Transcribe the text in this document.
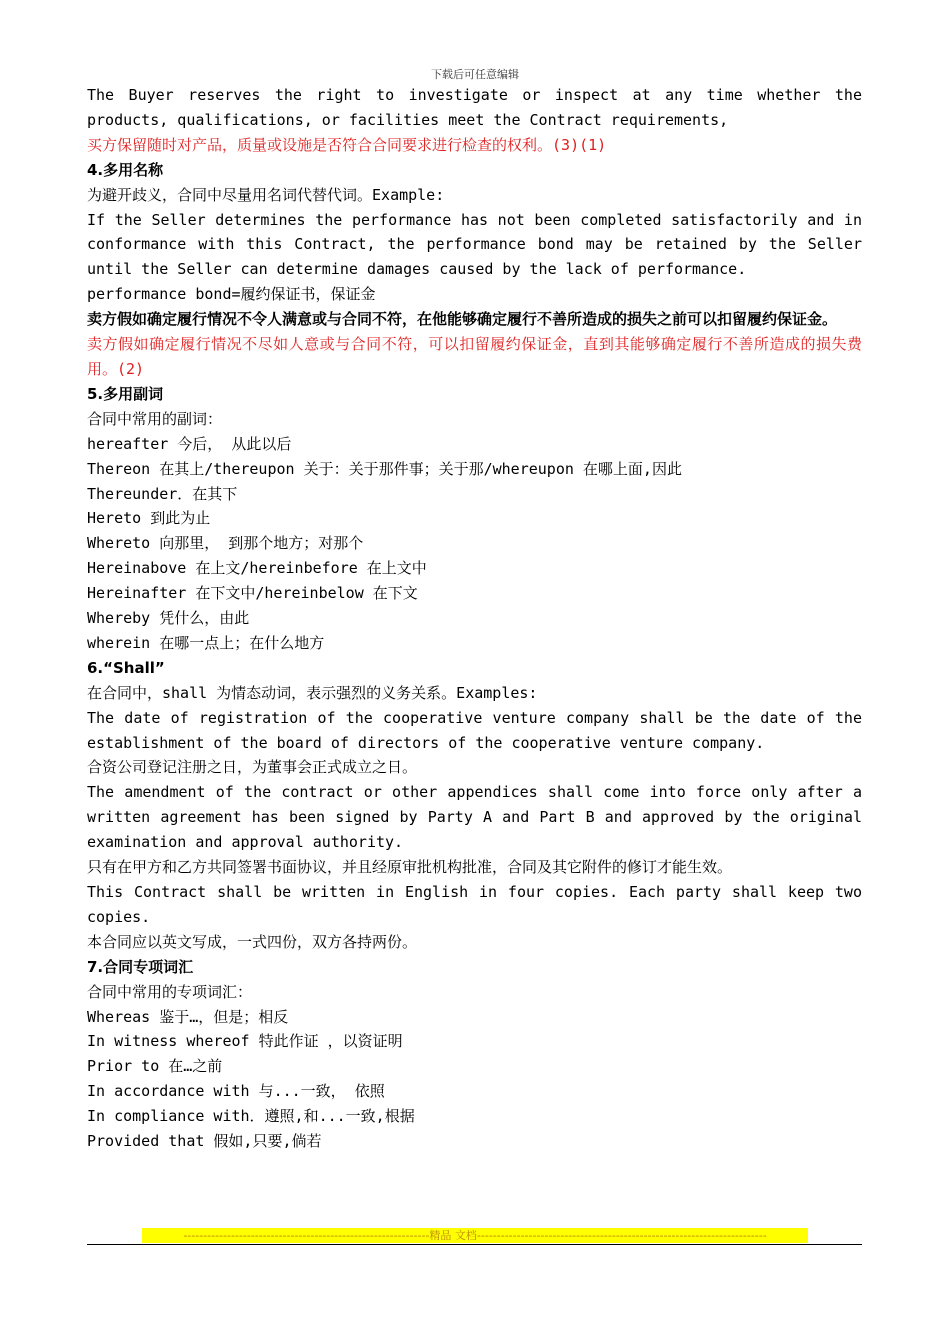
下载后可任意编辑

The Buyer reserves the right to investigate or inspect at any time whether the products, qualifications, or facilities meet the Contract requirements,

买方保留随时对产品，质量或设施是否符合合同要求进行检查的权利。(3)(1)

4.多用名称

为避开歧义，合同中尽量用名词代替代词。Example:

If the Seller determines the performance has not been completed satisfactorily and in conformance with this Contract, the performance bond may be retained by the Seller until the Seller can determine damages caused by the lack of performance.

performance bond=履约保证书，保证金

卖方假如确定履行情况不令人满意或与合同不符，在他能够确定履行不善所造成的损失之前可以扣留履约保证金。

卖方假如确定履行情况不尽如人意或与合同不符，可以扣留履约保证金，直到其能够确定履行不善所造成的损失费用。(2)

5.多用副词

合同中常用的副词：

hereafter 今后， 从此以后

Thereon 在其上/thereupon 关于：关于那件事；关于那/whereupon 在哪上面,因此

Thereunder．在其下

Hereto 到此为止

Whereto 向那里， 到那个地方；对那个

Hereinabove 在上文/hereinbefore 在上文中

Hereinafter 在下文中/hereinbelow 在下文

Whereby 凭什么，由此

wherein 在哪一点上；在什么地方

6.“Shall”

在合同中，shall 为情态动词，表示强烈的义务关系。Examples:

The date of registration of the cooperative venture company shall be the date of the establishment of the board of directors of the cooperative venture company.

合资公司登记注册之日，为董事会正式成立之日。

The amendment of the contract or other appendices shall come into force only after a written agreement has been signed by Party A and Part B and approved by the original examination and approval authority.

只有在甲方和乙方共同签署书面协议，并且经原审批机构批准，合同及其它附件的修订才能生效。

This Contract shall be written in English in four copies. Each party shall keep two copies.

本合同应以英文写成，一式四份，双方各持两份。

7.合同专项词汇

合同中常用的专项词汇：

Whereas 鉴于…，但是；相反

In witness whereof 特此作证 ，以资证明

Prior to 在…之前

In accordance with 与...一致， 依照

In compliance with．遵照,和...一致,根据

Provided that 假如,只要,倘若

--------------------------------------------------------------精品 文档-------------------------------------------------------------------------
